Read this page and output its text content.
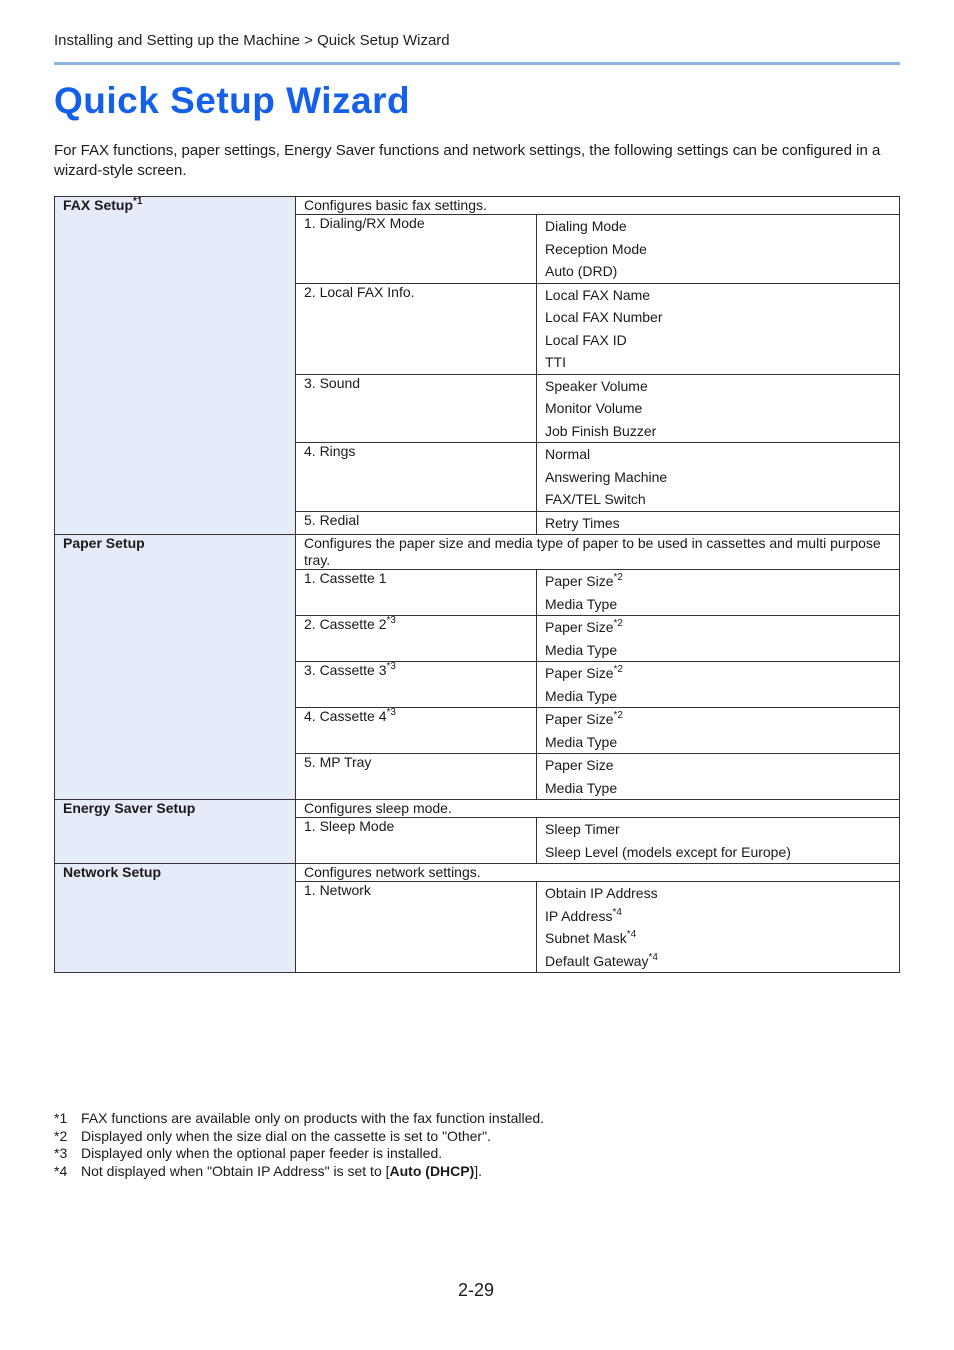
Installing and Setting up the Machine > Quick Setup Wizard
Quick Setup Wizard
For FAX functions, paper settings, Energy Saver functions and network settings, the following settings can be configured in a wizard-style screen.
FAX Setup$^{*1}$	Configures basic fax settings.	
	1. Dialing/RX Mode	Dialing Mode
Reception Mode
Auto (DRD)

	2. Local FAX Info.	Local FAX Name
Local FAX Number
Local FAX ID
TTI

	3. Sound	Speaker Volume
Monitor Volume
Job Finish Buzzer

	4. Rings	Normal
Answering Machine
FAX/TEL Switch

	5. Redial	Retry Times

Paper Setup	Configures the paper size and media type of paper to be used in cassettes and multi purpose tray.	
	1. Cassette 1	Paper Size$^{*2}$
Media Type

	2. Cassette 2$^{*3}$	Paper Size$^{*2}$
Media Type

	3. Cassette 3$^{*3}$	Paper Size$^{*2}$
Media Type

	4. Cassette 4$^{*3}$	Paper Size$^{*2}$
Media Type

	5. MP Tray	Paper Size
Media Type

Energy Saver Setup	Configures sleep mode.	
	1. Sleep Mode	Sleep Timer
Sleep Level (models except for Europe)

Network Setup	Configures network settings.	
	1. Network	Obtain IP Address
IP Address$^{*4}$
Subnet Mask$^{*4}$
Default Gateway$^{*4}$
*1 FAX functions are available only on products with the fax function installed.
*2 Displayed only when the size dial on the cassette is set to "Other".
*3 Displayed only when the optional paper feeder is installed.
*4 Not displayed when "Obtain IP Address" is set to [Auto (DHCP)].
2-29
